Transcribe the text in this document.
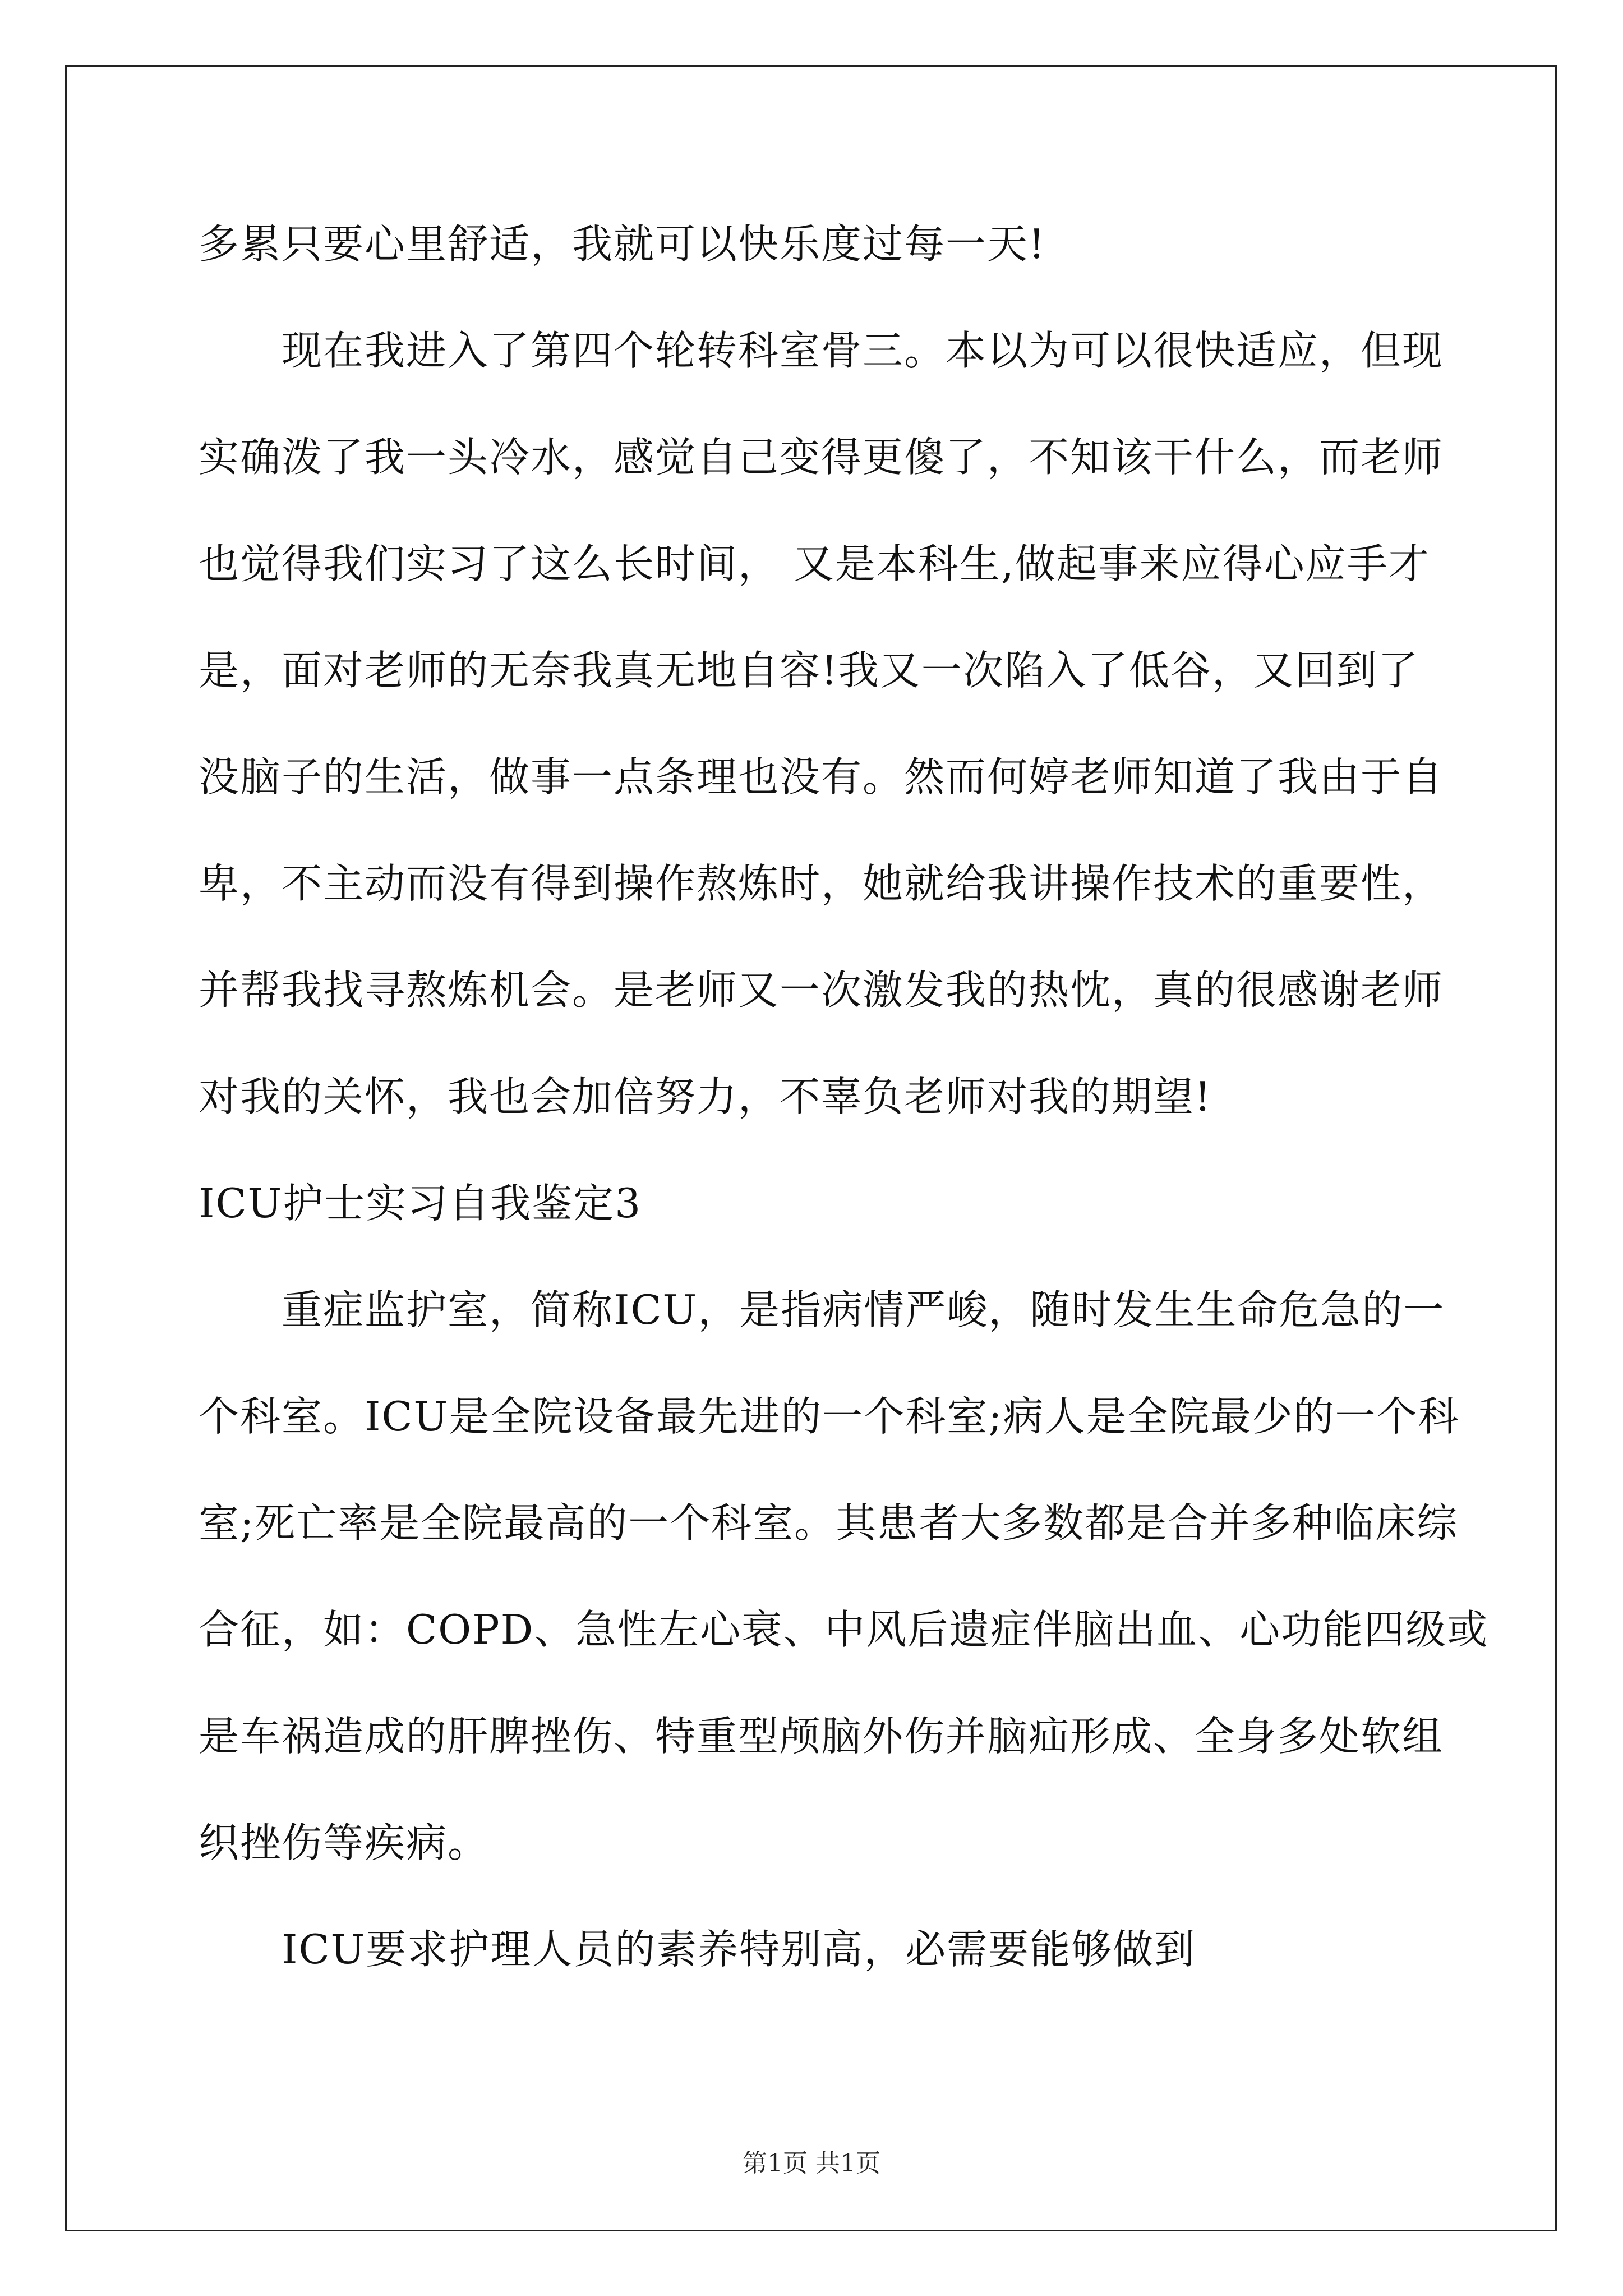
多累只要心里舒适，我就可以快乐度过每一天!
现在我进入了第四个轮转科室骨三。本以为可以很快适应，但现
实确泼了我一头冷水，感觉自己变得更傻了，不知该干什么，而老师
也觉得我们实习了这么长时间， 又是本科生,做起事来应得心应手才
是，面对老师的无奈我真无地自容!我又一次陷入了低谷，又回到了
没脑子的生活，做事一点条理也没有。然而何婷老师知道了我由于自
卑，不主动而没有得到操作熬炼时，她就给我讲操作技术的重要性，
并帮我找寻熬炼机会。是老师又一次激发我的热忱，真的很感谢老师
对我的关怀，我也会加倍努力，不辜负老师对我的期望!
ICU护士实习自我鉴定3
重症监护室，简称ICU，是指病情严峻，随时发生生命危急的一
个科室。ICU是全院设备最先进的一个科室;病人是全院最少的一个科
室;死亡率是全院最高的一个科室。其患者大多数都是合并多种临床综
合征，如：COPD、急性左心衰、中风后遗症伴脑出血、心功能四级或
是车祸造成的肝脾挫伤、特重型颅脑外伤并脑疝形成、全身多处软组
织挫伤等疾病。
ICU要求护理人员的素养特别高，必需要能够做到
第1页 共1页
